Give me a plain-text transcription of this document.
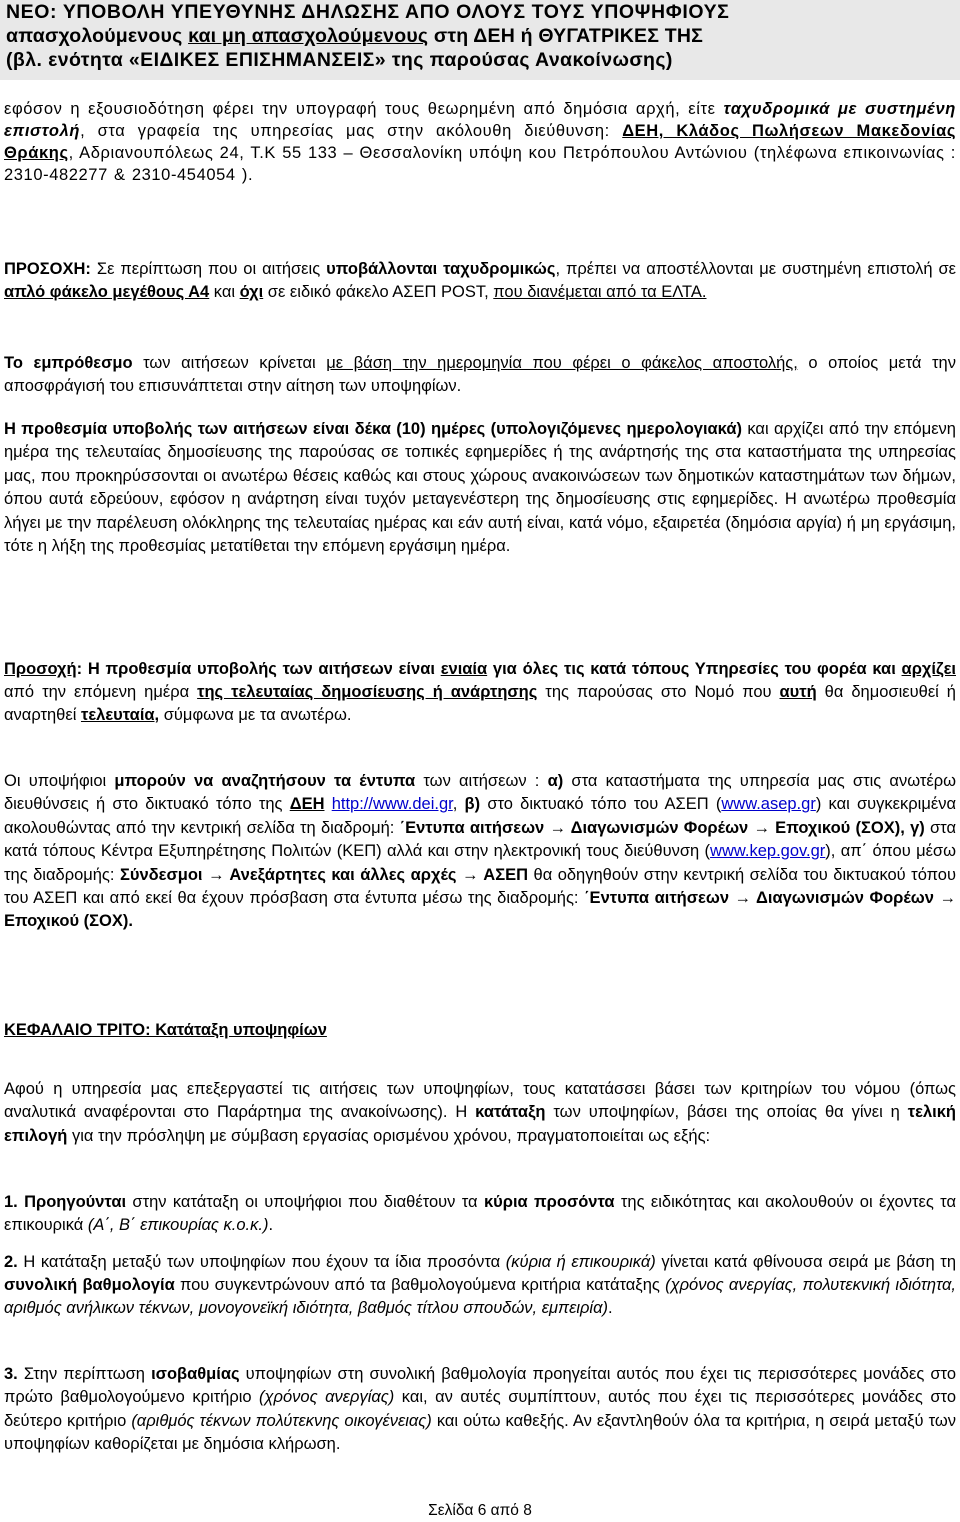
ΝΕΟ: ΥΠΟΒΟΛΗ ΥΠΕΥΘΥΝΗΣ ΔΗΛΩΣΗΣ ΑΠΟ ΟΛΟΥΣ ΤΟΥΣ ΥΠΟΨΗΦΙΟΥΣ
απασχολούμενους και μη απασχολούμενους στη ΔΕΗ ή ΘΥΓΑΤΡΙΚΕΣ ΤΗΣ
(βλ. ενότητα «ΕΙΔΙΚΕΣ ΕΠΙΣΗΜΑΝΣΕΙΣ» της παρούσας Ανακοίνωσης)

εφόσον η εξουσιοδότηση φέρει την υπογραφή τους θεωρημένη από δημόσια αρχή, είτε ταχυδρομικά με συστημένη επιστολή, στα γραφεία της υπηρεσίας μας στην ακόλουθη διεύθυνση: ΔΕΗ, Κλάδος Πωλήσεων Μακεδονίας Θράκης, Αδριανουπόλεως 24, Τ.Κ 55 133 – Θεσσαλονίκη υπόψη κου Πετρόπουλου Αντώνιου (τηλέφωνα επικοινωνίας : 2310-482277 & 2310-454054 ).

ΠΡΟΣΟΧΗ: Σε περίπτωση που οι αιτήσεις υποβάλλονται ταχυδρομικώς, πρέπει να αποστέλλονται με συστημένη επιστολή σε απλό φάκελο μεγέθους Α4 και όχι σε ειδικό φάκελο ΑΣΕΠ POST, που διανέμεται από τα ΕΛΤΑ.

Το εμπρόθεσμο των αιτήσεων κρίνεται με βάση την ημερομηνία που φέρει ο φάκελος αποστολής, ο οποίος μετά την αποσφράγισή του επισυνάπτεται στην αίτηση των υποψηφίων.

Η προθεσμία υποβολής των αιτήσεων είναι δέκα (10) ημέρες (υπολογιζόμενες ημερολογιακά) και αρχίζει από την επόμενη ημέρα της τελευταίας δημοσίευσης της παρούσας σε τοπικές εφημερίδες ή της ανάρτησής της στα καταστήματα της υπηρεσίας μας, που προκηρύσσονται οι ανωτέρω θέσεις καθώς και στους χώρους ανακοινώσεων των δημοτικών καταστημάτων των δήμων, όπου αυτά εδρεύουν, εφόσον η ανάρτηση είναι τυχόν μεταγενέστερη της δημοσίευσης στις εφημερίδες. Η ανωτέρω προθεσμία λήγει με την παρέλευση ολόκληρης της τελευταίας ημέρας και εάν αυτή είναι, κατά νόμο, εξαιρετέα (δημόσια αργία) ή μη εργάσιμη, τότε η λήξη της προθεσμίας μετατίθεται την επόμενη εργάσιμη ημέρα.

Προσοχή: Η προθεσμία υποβολής των αιτήσεων είναι ενιαία για όλες τις κατά τόπους Υπηρεσίες του φορέα και αρχίζει από την επόμενη ημέρα της τελευταίας δημοσίευσης ή ανάρτησης της παρούσας στο Νομό που αυτή θα δημοσιευθεί ή αναρτηθεί τελευταία, σύμφωνα με τα ανωτέρω.

Οι υποψήφιοι μπορούν να αναζητήσουν τα έντυπα των αιτήσεων : α) στα καταστήματα της υπηρεσία μας στις ανωτέρω διευθύνσεις ή στο δικτυακό τόπο της ΔΕΗ http://www.dei.gr, β) στο δικτυακό τόπο του ΑΣΕΠ (www.asep.gr) και συγκεκριμένα ακολουθώντας από την κεντρική σελίδα τη διαδρομή: ΄Εντυπα αιτήσεων → Διαγωνισμών Φορέων → Εποχικού (ΣΟΧ), γ) στα κατά τόπους Κέντρα Εξυπηρέτησης Πολιτών (ΚΕΠ) αλλά και στην ηλεκτρονική τους διεύθυνση (www.kep.gov.gr), απ΄ όπου μέσω της διαδρομής: Σύνδεσμοι → Ανεξάρτητες και άλλες αρχές → ΑΣΕΠ θα οδηγηθούν στην κεντρική σελίδα του δικτυακού τόπου του ΑΣΕΠ και από εκεί θα έχουν πρόσβαση στα έντυπα μέσω της διαδρομής: ΄Εντυπα αιτήσεων → Διαγωνισμών Φορέων → Εποχικού (ΣΟΧ).

ΚΕΦΑΛΑΙΟ ΤΡΙΤΟ: Κατάταξη υποψηφίων

Αφού η υπηρεσία μας επεξεργαστεί τις αιτήσεις των υποψηφίων, τους κατατάσσει βάσει των κριτηρίων του νόμου (όπως αναλυτικά αναφέρονται στο Παράρτημα της ανακοίνωσης). Η κατάταξη των υποψηφίων, βάσει της οποίας θα γίνει η τελική επιλογή για την πρόσληψη με σύμβαση εργασίας ορισμένου χρόνου, πραγματοποιείται ως εξής:

1. Προηγούνται στην κατάταξη οι υποψήφιοι που διαθέτουν τα κύρια προσόντα της ειδικότητας και ακολουθούν οι έχοντες τα επικουρικά (Α΄, Β΄ επικουρίας κ.ο.κ.).

2. Η κατάταξη μεταξύ των υποψηφίων που έχουν τα ίδια προσόντα (κύρια ή επικουρικά) γίνεται κατά φθίνουσα σειρά με βάση τη συνολική βαθμολογία που συγκεντρώνουν από τα βαθμολογούμενα κριτήρια κατάταξης (χρόνος ανεργίας, πολυτεκνική ιδιότητα, αριθμός ανήλικων τέκνων, μονογονεϊκή ιδιότητα, βαθμός τίτλου σπουδών, εμπειρία).

3. Στην περίπτωση ισοβαθμίας υποψηφίων στη συνολική βαθμολογία προηγείται αυτός που έχει τις περισσότερες μονάδες στο πρώτο βαθμολογούμενο κριτήριο (χρόνος ανεργίας) και, αν αυτές συμπίπτουν, αυτός που έχει τις περισσότερες μονάδες στο δεύτερο κριτήριο (αριθμός τέκνων πολύτεκνης οικογένειας) και ούτω καθεξής. Αν εξαντληθούν όλα τα κριτήρια, η σειρά μεταξύ των υποψηφίων καθορίζεται με δημόσια κλήρωση.

Σελίδα 6 από 8
